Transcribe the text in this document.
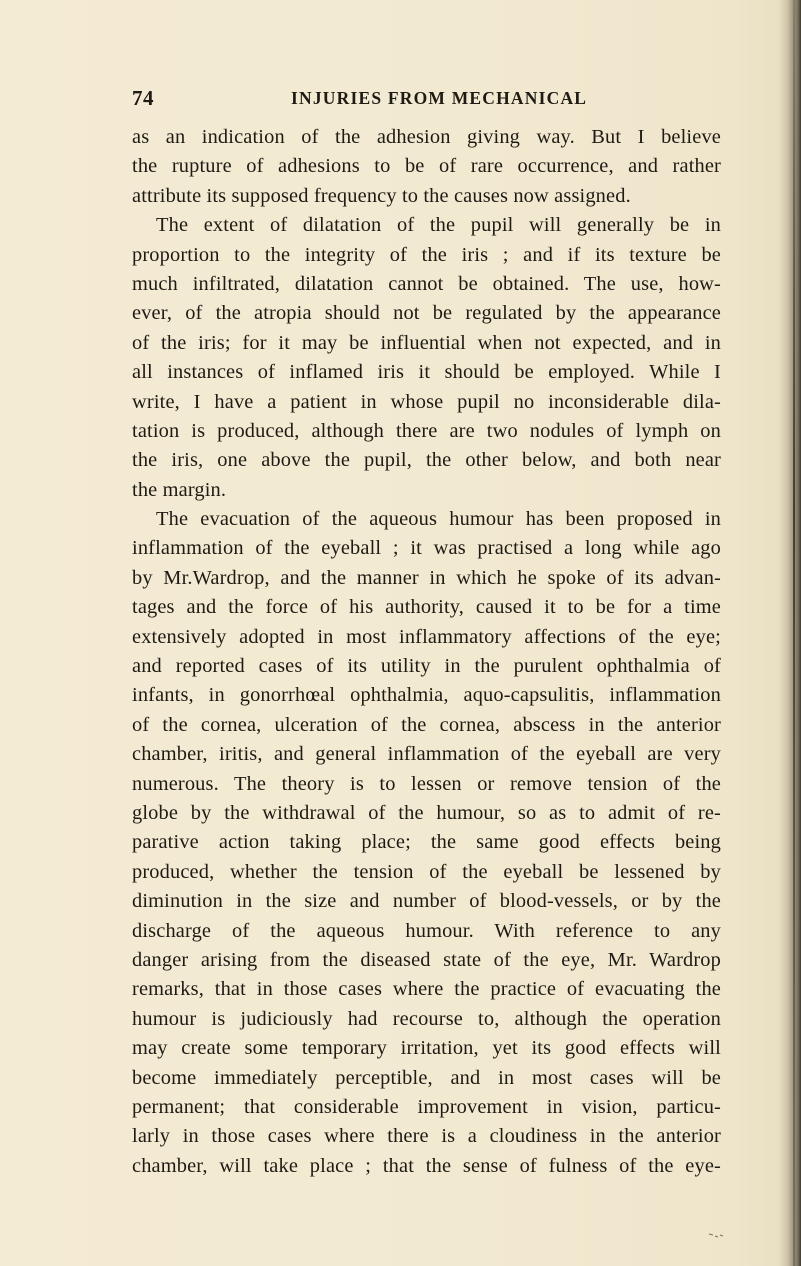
74	INJURIES FROM MECHANICAL

as an indication of the adhesion giving way. But I believe

the rupture of adhesions to be of rare occurrence, and rather

attribute its supposed frequency to the causes now assigned.

The extent of dilatation of the pupil will generally be in

proportion to the integrity of the iris ; and if its texture be

much infiltrated, dilatation cannot be obtained. The use, how-

ever, of the atropia should not be regulated by the appearance

of the iris; for it may be influential when not expected, and in

all instances of inflamed iris it should be employed. While I

write, I have a patient in whose pupil no inconsiderable dila-

tation is produced, although there are two nodules of lymph on

the iris, one above the pupil, the other below, and both near

the margin.

The evacuation of the aqueous humour has been proposed in

inflammation of the eyeball ; it was practised a long while ago

by Mr.Wardrop, and the manner in which he spoke of its advan-

tages and the force of his authority, caused it to be for a time

extensively adopted in most inflammatory affections of the eye;

and reported cases of its utility in the purulent ophthalmia of

infants, in gonorrhœal ophthalmia, aquo-capsulitis, inflammation

of the cornea, ulceration of the cornea, abscess in the anterior

chamber, iritis, and general inflammation of the eyeball are very

numerous. The theory is to lessen or remove tension of the

globe by the withdrawal of the humour, so as to admit of re-

parative action taking place; the same good effects being

produced, whether the tension of the eyeball be lessened by

diminution in the size and number of blood-vessels, or by the

discharge of the aqueous humour. With reference to any

danger arising from the diseased state of the eye, Mr. Wardrop

remarks, that in those cases where the practice of evacuating the

humour is judiciously had recourse to, although the operation

may create some temporary irritation, yet its good effects will

become immediately perceptible, and in most cases will be

permanent; that considerable improvement in vision, particu-

larly in those cases where there is a cloudiness in the anterior

chamber, will take place ; that the sense of fulness of the eye-
